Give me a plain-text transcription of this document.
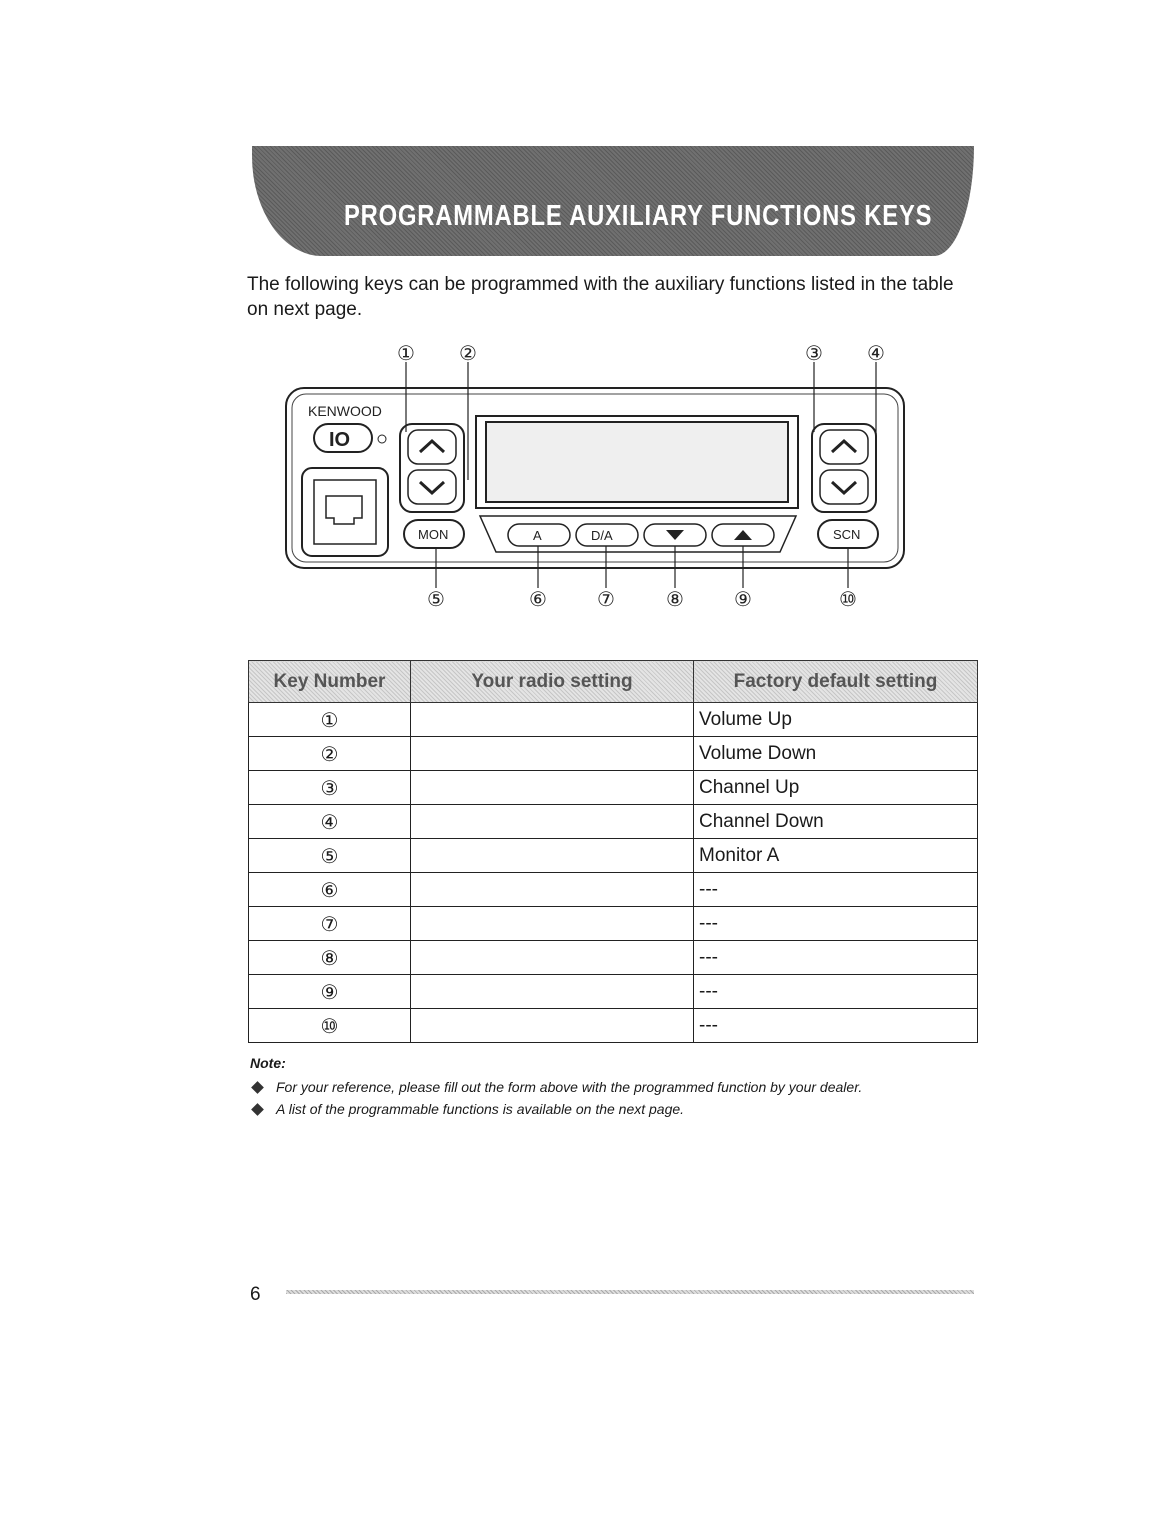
PROGRAMMABLE AUXILIARY FUNCTIONS KEYS

The following keys can be programmed with the auxiliary functions listed in the table on next page.

KENWOOD
IO
MON	A	D/A	SCN
① ②	③ ④
⑤	⑥	⑦	⑧	⑨	⑩
Key Number	Your radio setting	Factory default setting
①		Volume Up
②		Volume Down
③		Channel Up
④		Channel Down
⑤		Monitor A
⑥		---
⑦		---
⑧		---
⑨		---
⑩		---

Note:

For your reference, please fill out the form above with the programmed function by your dealer.
A list of the programmable functions is available on the next page.

6
